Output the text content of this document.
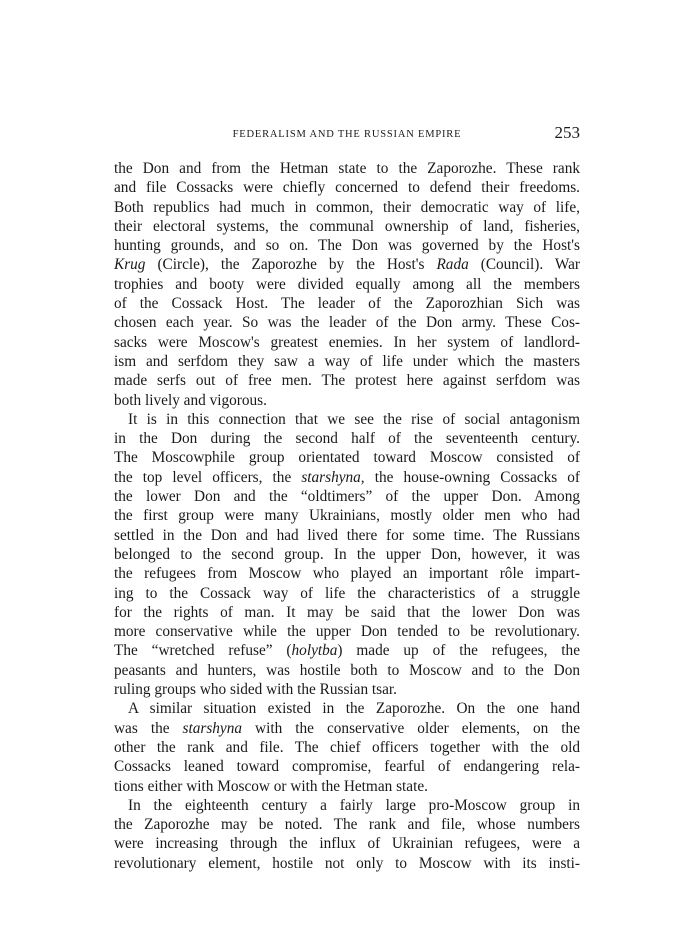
FEDERALISM AND THE RUSSIAN EMPIRE	253
the Don and from the Hetman state to the Zaporozhe. These rank
and file Cossacks were chiefly concerned to defend their freedoms.
Both republics had much in common, their democratic way of life,
their electoral systems, the communal ownership of land, fisheries,
hunting grounds, and so on. The Don was governed by the Host's
Krug (Circle), the Zaporozhe by the Host's Rada (Council). War
trophies and booty were divided equally among all the members
of the Cossack Host. The leader of the Zaporozhian Sich was
chosen each year. So was the leader of the Don army. These Cos-
sacks were Moscow's greatest enemies. In her system of landlord-
ism and serfdom they saw a way of life under which the masters
made serfs out of free men. The protest here against serfdom was
both lively and vigorous.
It is in this connection that we see the rise of social antagonism
in the Don during the second half of the seventeenth century.
The Moscowphile group orientated toward Moscow consisted of
the top level officers, the starshyna, the house-owning Cossacks of
the lower Don and the “oldtimers” of the upper Don. Among
the first group were many Ukrainians, mostly older men who had
settled in the Don and had lived there for some time. The Russians
belonged to the second group. In the upper Don, however, it was
the refugees from Moscow who played an important rôle impart-
ing to the Cossack way of life the characteristics of a struggle
for the rights of man. It may be said that the lower Don was
more conservative while the upper Don tended to be revolutionary.
The “wretched refuse” (holytba) made up of the refugees, the
peasants and hunters, was hostile both to Moscow and to the Don
ruling groups who sided with the Russian tsar.
A similar situation existed in the Zaporozhe. On the one hand
was the starshyna with the conservative older elements, on the
other the rank and file. The chief officers together with the old
Cossacks leaned toward compromise, fearful of endangering rela-
tions either with Moscow or with the Hetman state.
In the eighteenth century a fairly large pro-Moscow group in
the Zaporozhe may be noted. The rank and file, whose numbers
were increasing through the influx of Ukrainian refugees, were a
revolutionary element, hostile not only to Moscow with its insti-
